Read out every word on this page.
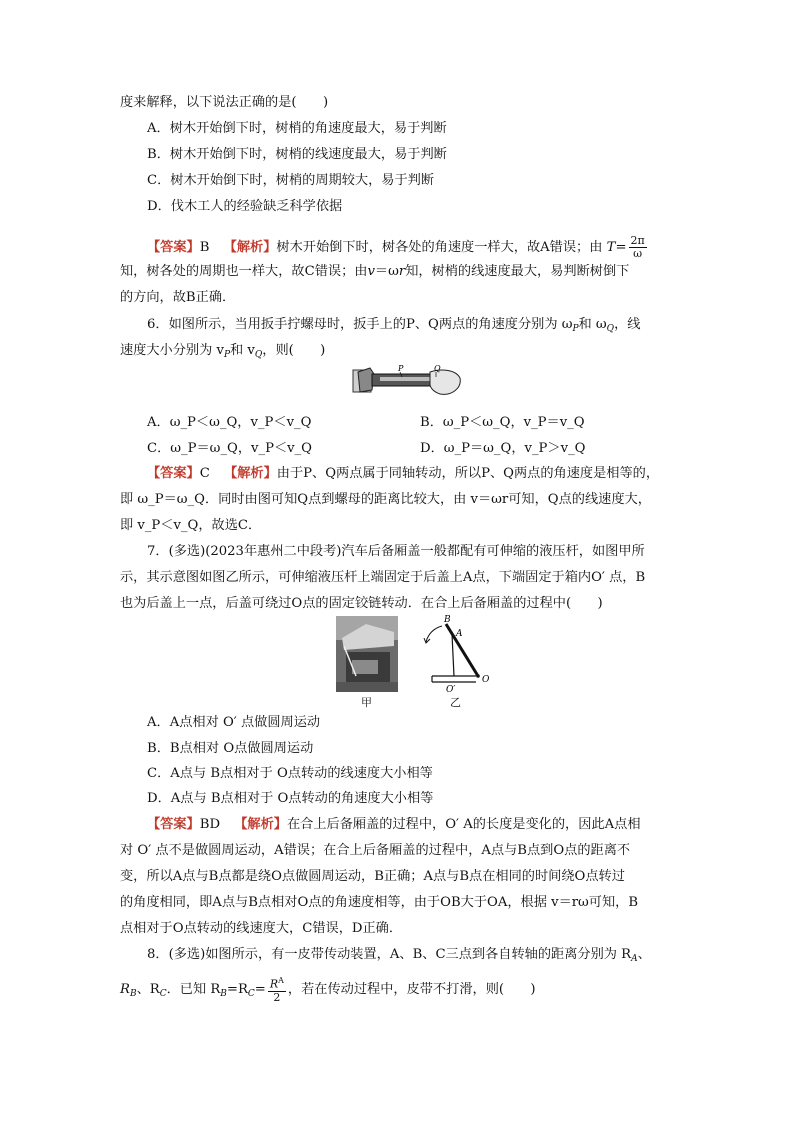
度来解释，以下说法正确的是(　　)
A．树木开始倒下时，树梢的角速度最大，易于判断
B．树木开始倒下时，树梢的线速度最大，易于判断
C．树木开始倒下时，树梢的周期较大，易于判断
D．伐木工人的经验缺乏科学依据
【答案】B 【解析】树木开始倒下时，树各处的角速度一样大，故A错误；由 $T= \frac{2\pi}{\omega}$
知，树各处的周期也一样大，故C错误；由v＝ωr知，树梢的线速度最大，易判断树倒下
的方向，故B正确．
6．如图所示，当用扳手拧螺母时，扳手上的P、Q两点的角速度分别为 $\omega_P$和 $\omega_Q$，线
速度大小分别为 $v_P$和 $v_Q$，则(　　)
P	Q
A．ω_P＜ω_Q，v_P＜v_Q	B．ω_P＜ω_Q，v_P＝v_Q
C．ω_P＝ω_Q，v_P＜v_Q	D．ω_P＝ω_Q，v_P＞v_Q
【答案】C 【解析】由于P、Q两点属于同轴转动，所以P、Q两点的角速度是相等的，
即 ω_P＝ω_Q．同时由图可知Q点到螺母的距离比较大，由 v＝ωr可知，Q点的线速度大，
即 v_P＜v_Q，故选C．
7．(多选)(2023年惠州二中段考)汽车后备厢盖一般都配有可伸缩的液压杆，如图甲所
示，其示意图如图乙所示，可伸缩液压杆上端固定于后盖上A点，下端固定于箱内O′ 点，B
也为后盖上一点，后盖可绕过O点的固定铰链转动．在合上后备厢盖的过程中(　　)
甲
B
A
O′
O
乙
A．A点相对 O′ 点做圆周运动
B．B点相对 O点做圆周运动
C．A点与 B点相对于 O点转动的线速度大小相等
D．A点与 B点相对于 O点转动的角速度大小相等
【答案】BD 【解析】在合上后备厢盖的过程中，O′ A的长度是变化的，因此A点相
对 O′ 点不是做圆周运动，A错误；在合上后备厢盖的过程中，A点与B点到O点的距离不
变，所以A点与B点都是绕O点做圆周运动，B正确；A点与B点在相同的时间绕O点转过
的角度相同，即A点与B点相对O点的角速度相等，由于OB大于OA，根据 v＝rω可知，B
点相对于O点转动的线速度大，C错误，D正确．
8．(多选)如图所示，有一皮带传动装置，A、B、C三点到各自转轴的距离分别为 $R_A$、
$R_B$、$R_C$．已知 $R_B=R_C= \frac{R^A}{2}$ ，若在传动过程中，皮带不打滑，则(　　)
